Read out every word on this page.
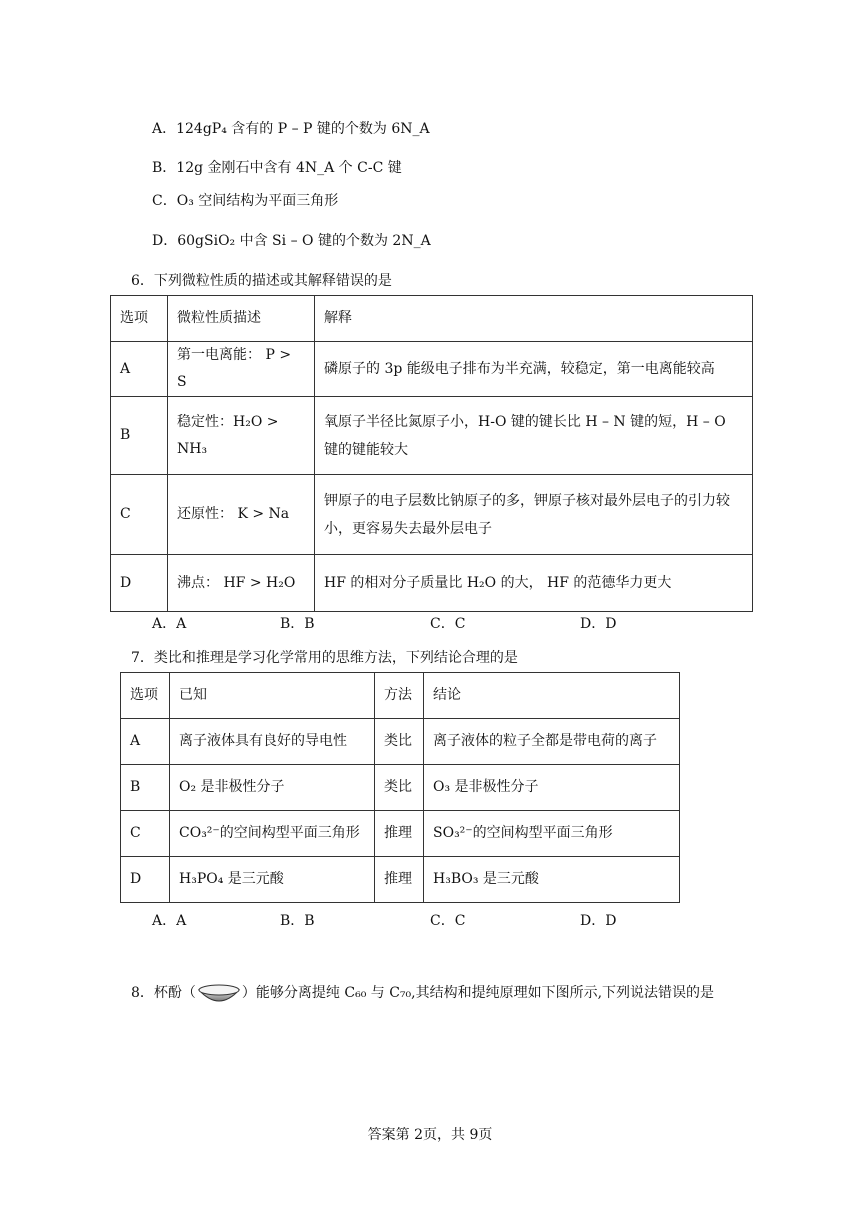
A．124gP₄ 含有的 P – P 键的个数为 6N_A
B．12g 金刚石中含有 4N_A 个 C-C 键
C．O₃ 空间结构为平面三角形
D．60gSiO₂ 中含 Si – O 键的个数为 2N_A
6．下列微粒性质的描述或其解释错误的是
选项	微粒性质描述	解释
A	第一电离能： P > S	磷原子的 3p 能级电子排布为半充满，较稳定，第一电离能较高
B	稳定性：H₂O > NH₃	氧原子半径比氮原子小，H-O 键的键长比 H – N 键的短，H – O 键的键能较大
C	还原性： K > Na	钾原子的电子层数比钠原子的多，钾原子核对最外层电子的引力较小，更容易失去最外层电子
D	沸点： HF > H₂O	HF 的相对分子质量比 H₂O 的大， HF 的范德华力更大
A．A	B．B	C．C	D．D
7．类比和推理是学习化学常用的思维方法，下列结论合理的是
选项	已知	方法	结论
A	离子液体具有良好的导电性	类比	离子液体的粒子全都是带电荷的离子
B	O₂ 是非极性分子	类比	O₃ 是非极性分子
C	CO₃²⁻的空间构型平面三角形	推理	SO₃²⁻的空间构型平面三角形
D	H₃PO₄ 是三元酸	推理	H₃BO₃ 是三元酸
A．A	B．B	C．C	D．D
8．杯酚（	）能够分离提纯 C₆₀ 与 C₇₀,其结构和提纯原理如下图所示,下列说法错误的是
答案第 2页，共 9页
